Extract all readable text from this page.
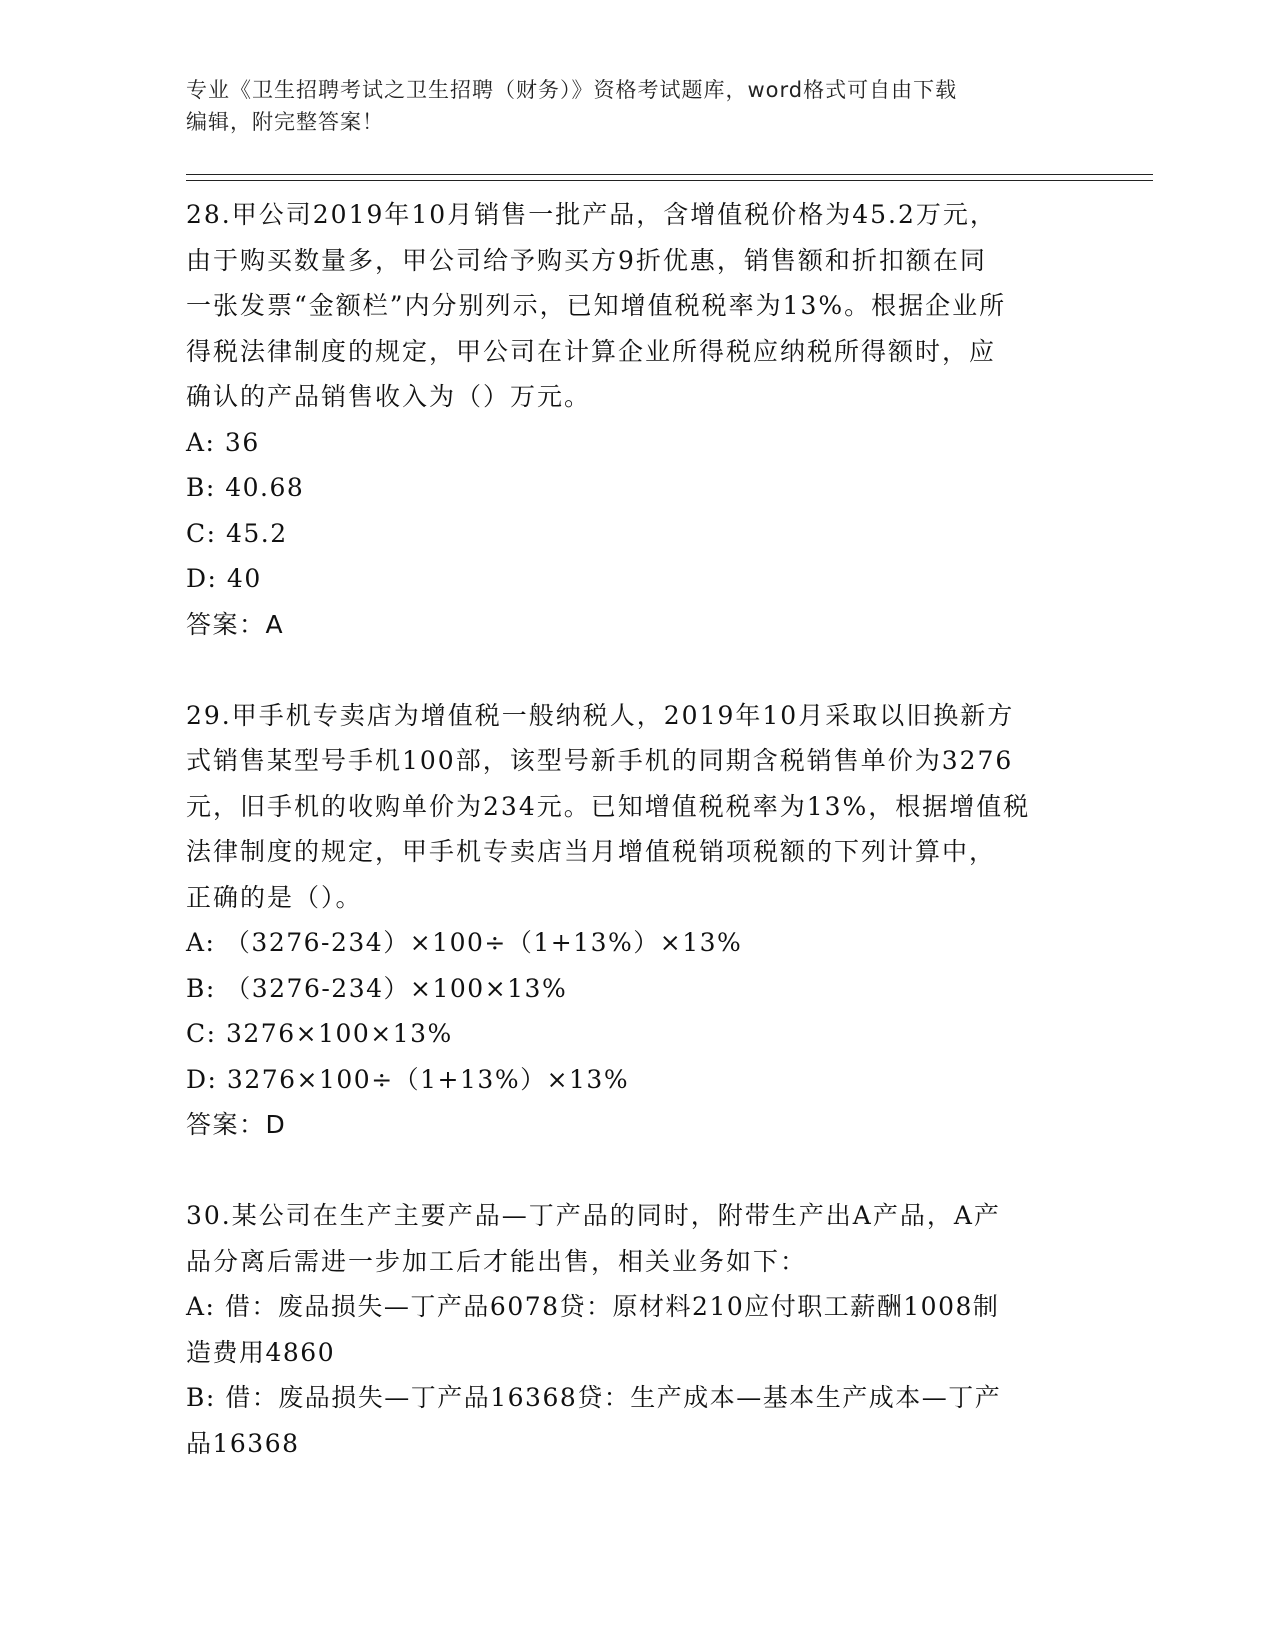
专业《卫生招聘考试之卫生招聘（财务）》资格考试题库，word格式可自由下载
编辑，附完整答案！

28.甲公司2019年10月销售一批产品，含增值税价格为45.2万元，

由于购买数量多，甲公司给予购买方9折优惠，销售额和折扣额在同

一张发票“金额栏”内分别列示，已知增值税税率为13%。根据企业所

得税法律制度的规定，甲公司在计算企业所得税应纳税所得额时，应

确认的产品销售收入为（）万元。

A: 36

B: 40.68

C: 45.2

D: 40

答案：A

29.甲手机专卖店为增值税一般纳税人，2019年10月采取以旧换新方

式销售某型号手机100部，该型号新手机的同期含税销售单价为3276

元，旧手机的收购单价为234元。已知增值税税率为13%，根据增值税

法律制度的规定，甲手机专卖店当月增值税销项税额的下列计算中，

正确的是（）。

A: （3276-234）×100÷（1+13%）×13%

B: （3276-234）×100×13%

C: 3276×100×13%

D: 3276×100÷（1+13%）×13%

答案：D

30.某公司在生产主要产品—丁产品的同时，附带生产出A产品，A产

品分离后需进一步加工后才能出售，相关业务如下：

A: 借：废品损失—丁产品6078贷：原材料210应付职工薪酬1008制

造费用4860

B: 借：废品损失—丁产品16368贷：生产成本—基本生产成本—丁产

品16368
